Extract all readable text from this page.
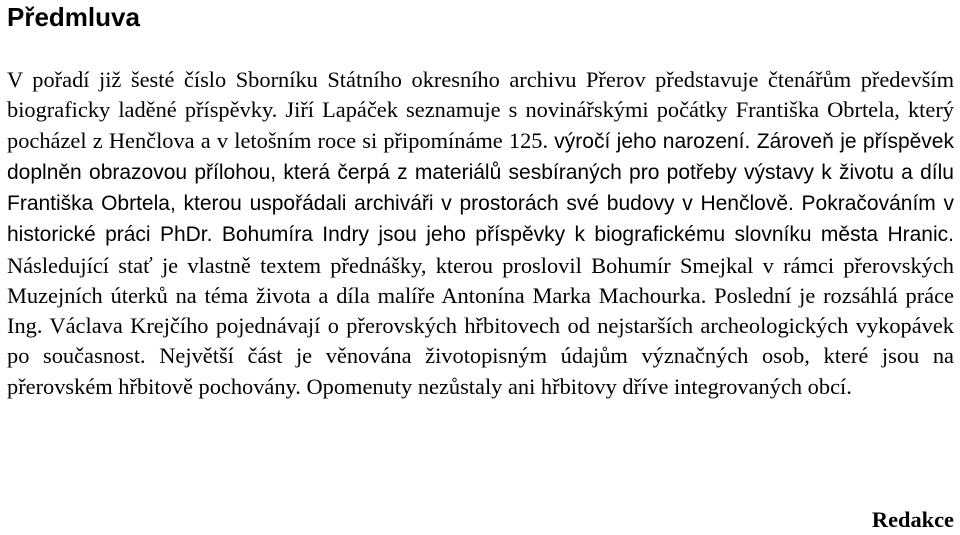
Předmluva

V pořadí již šesté číslo Sborníku Státního okresního archivu Přerov představuje čtenářům především biograficky laděné příspěvky. Jiří Lapáček seznamuje s novinářskými počátky Františka Obrtela, který pocházel z Henčlova a v letošním roce si připomínáme 125. výročí jeho narození. Zároveň je příspěvek doplněn obrazovou přílohou, která čerpá z materiálů sesbíraných pro potřeby výstavy k životu a dílu Františka Obrtela, kterou uspořádali archiváři v prostorách své budovy v Henčlově. Pokračováním v historické práci PhDr. Bohumíra Indry jsou jeho příspěvky k biografickému slovníku města Hranic. Následující stať je vlastně textem přednášky, kterou proslovil Bohumír Smejkal v rámci přerovských Muzejních úterků na téma života a díla malíře Antonína Marka Machourka. Poslední je rozsáhlá práce Ing. Václava Krejčího pojednávají o přerovských hřbitovech od nejstarších archeologických vykopávek po současnost. Největší část je věnována životopisným údajům význačných osob, které jsou na přerovském hřbitově pochovány. Opomenuty nezůstaly ani hřbitovy dříve integrovaných obcí.

Redakce
